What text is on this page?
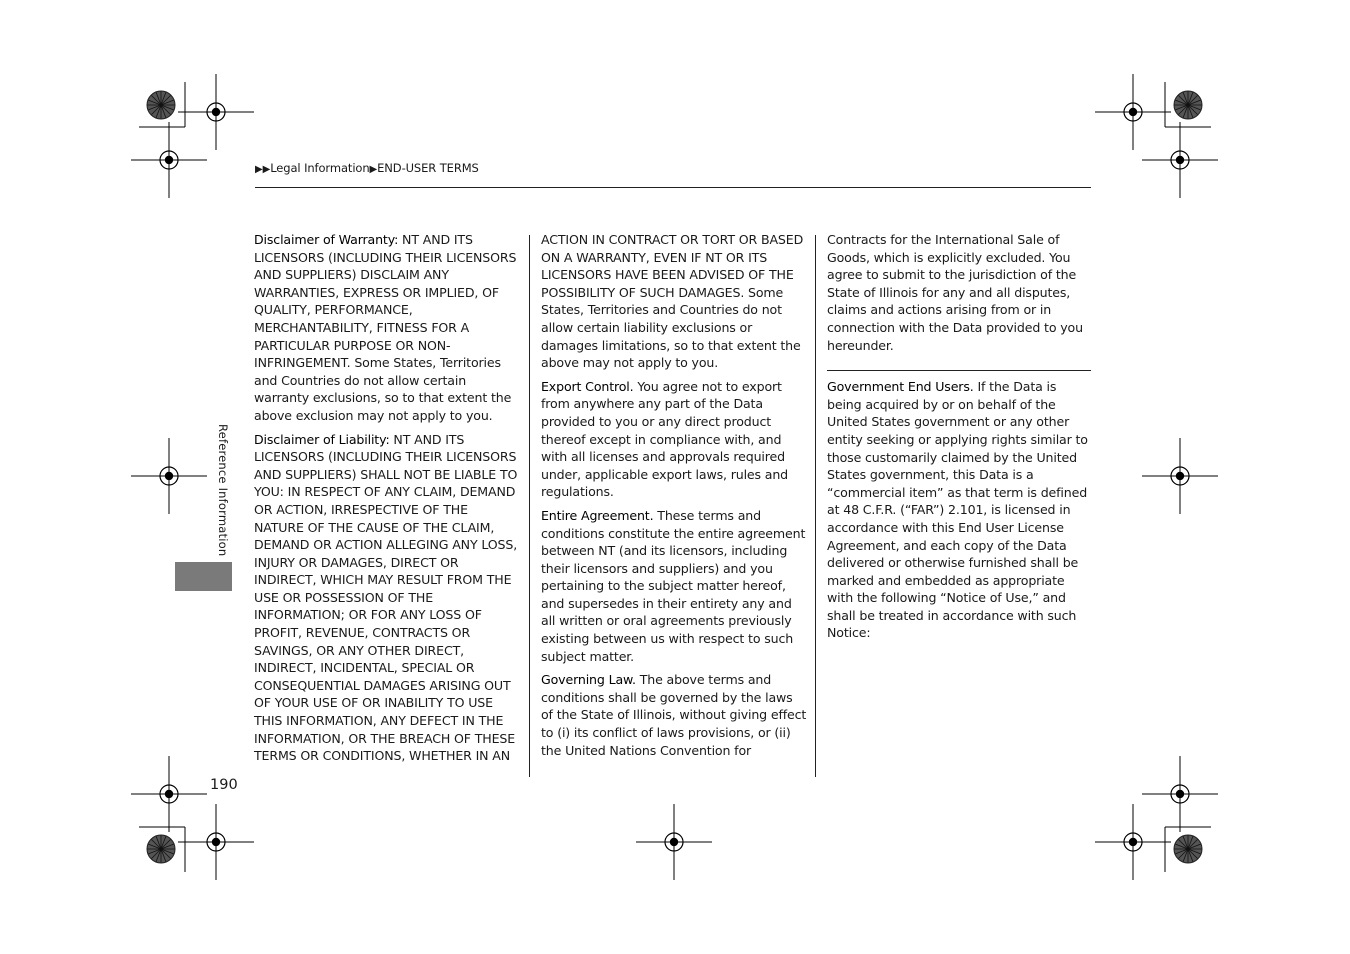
▶▶Legal Information▶END-USER TERMS
Reference Information

Disclaimer of Warranty: NT AND ITS LICENSORS (INCLUDING THEIR LICENSORS AND SUPPLIERS) DISCLAIM ANY WARRANTIES, EXPRESS OR IMPLIED, OF QUALITY, PERFORMANCE, MERCHANTABILITY, FITNESS FOR A PARTICULAR PURPOSE OR NON-INFRINGEMENT. Some States, Territories and Countries do not allow certain warranty exclusions, so to that extent the above exclusion may not apply to you.

Disclaimer of Liability: NT AND ITS LICENSORS (INCLUDING THEIR LICENSORS AND SUPPLIERS) SHALL NOT BE LIABLE TO YOU: IN RESPECT OF ANY CLAIM, DEMAND OR ACTION, IRRESPECTIVE OF THE NATURE OF THE CAUSE OF THE CLAIM, DEMAND OR ACTION ALLEGING ANY LOSS, INJURY OR DAMAGES, DIRECT OR INDIRECT, WHICH MAY RESULT FROM THE USE OR POSSESSION OF THE INFORMATION; OR FOR ANY LOSS OF PROFIT, REVENUE, CONTRACTS OR SAVINGS, OR ANY OTHER DIRECT, INDIRECT, INCIDENTAL, SPECIAL OR CONSEQUENTIAL DAMAGES ARISING OUT OF YOUR USE OF OR INABILITY TO USE THIS INFORMATION, ANY DEFECT IN THE INFORMATION, OR THE BREACH OF THESE TERMS OR CONDITIONS, WHETHER IN AN

ACTION IN CONTRACT OR TORT OR BASED ON A WARRANTY, EVEN IF NT OR ITS LICENSORS HAVE BEEN ADVISED OF THE POSSIBILITY OF SUCH DAMAGES. Some States, Territories and Countries do not allow certain liability exclusions or damages limitations, so to that extent the above may not apply to you.

Export Control. You agree not to export from anywhere any part of the Data provided to you or any direct product thereof except in compliance with, and with all licenses and approvals required under, applicable export laws, rules and regulations.

Entire Agreement. These terms and conditions constitute the entire agreement between NT (and its licensors, including their licensors and suppliers) and you pertaining to the subject matter hereof, and supersedes in their entirety any and all written or oral agreements previously existing between us with respect to such subject matter.

Governing Law. The above terms and conditions shall be governed by the laws of the State of Illinois, without giving effect to (i) its conflict of laws provisions, or (ii) the United Nations Convention for

Contracts for the International Sale of Goods, which is explicitly excluded. You agree to submit to the jurisdiction of the State of Illinois for any and all disputes, claims and actions arising from or in connection with the Data provided to you hereunder.

Government End Users. If the Data is being acquired by or on behalf of the United States government or any other entity seeking or applying rights similar to those customarily claimed by the United States government, this Data is a “commercial item” as that term is defined at 48 C.F.R. (“FAR”) 2.101, is licensed in accordance with this End User License Agreement, and each copy of the Data delivered or otherwise furnished shall be marked and embedded as appropriate with the following “Notice of Use,” and shall be treated in accordance with such Notice:

190
